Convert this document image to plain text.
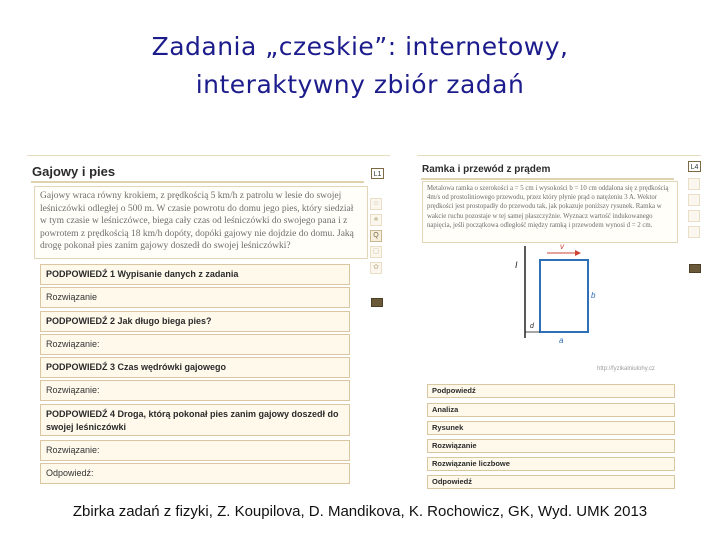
Zadania „czeskie”: internetowy,
interaktywny zbiór zadań
Gajowy i pies	L1
☺
♣
Q
▢
✿
Gajowy wraca równy krokiem, z prędkością 5 km/h z patrolu w lesie do swojej leśniczówki odległej o 500 m. W czasie powrotu do domu jego pies, który siedział w tym czasie w leśniczówce, biega cały czas od leśniczówki do swojego pana i z powrotem z prędkością 18 km/h dopóty, dopóki gajowy nie dojdzie do domu. Jaką drogę pokonał pies zanim gajowy doszedł do swojej leśniczówki?
PODPOWIEDŹ 1 Wypisanie danych z zadania
Rozwiązanie
PODPOWIEDŹ 2 Jak długo biega pies?
Rozwiązanie:
PODPOWIEDŹ 3 Czas wędrówki gajowego
Rozwiązanie:
PODPOWIEDŹ 4 Droga, którą pokonał pies zanim gajowy doszedł do swojej leśniczówki
Rozwiązanie:
Odpowiedź:
Ramka i przewód z prądem	L4
Metalowa ramka o szerokości a = 5 cm i wysokości b = 10 cm oddalona się z prędkością 4m/s od prostoliniowego przewodu, przez który płynie prąd o natężeniu 3 A. Wektor prędkości jest prostopadły do przewodu tak, jak pokazuje poniższy rysunek. Ramka w wakcie ruchu pozostaje w tej samej płaszczyźnie. Wyznacz wartość indukowanego napięcia, jeśli początkowa odległość między ramką i przewodem wynosi d = 2 cm.
I
v
b
a
d
http://fyzikalniulohy.cz
Podpowiedź
Analiza
Rysunek
Rozwiązanie
Rozwiązanie liczbowe
Odpowiedź
Zbirka zadań z fizyki, Z. Koupilova, D. Mandikova, K. Rochowicz, GK, Wyd. UMK 2013
